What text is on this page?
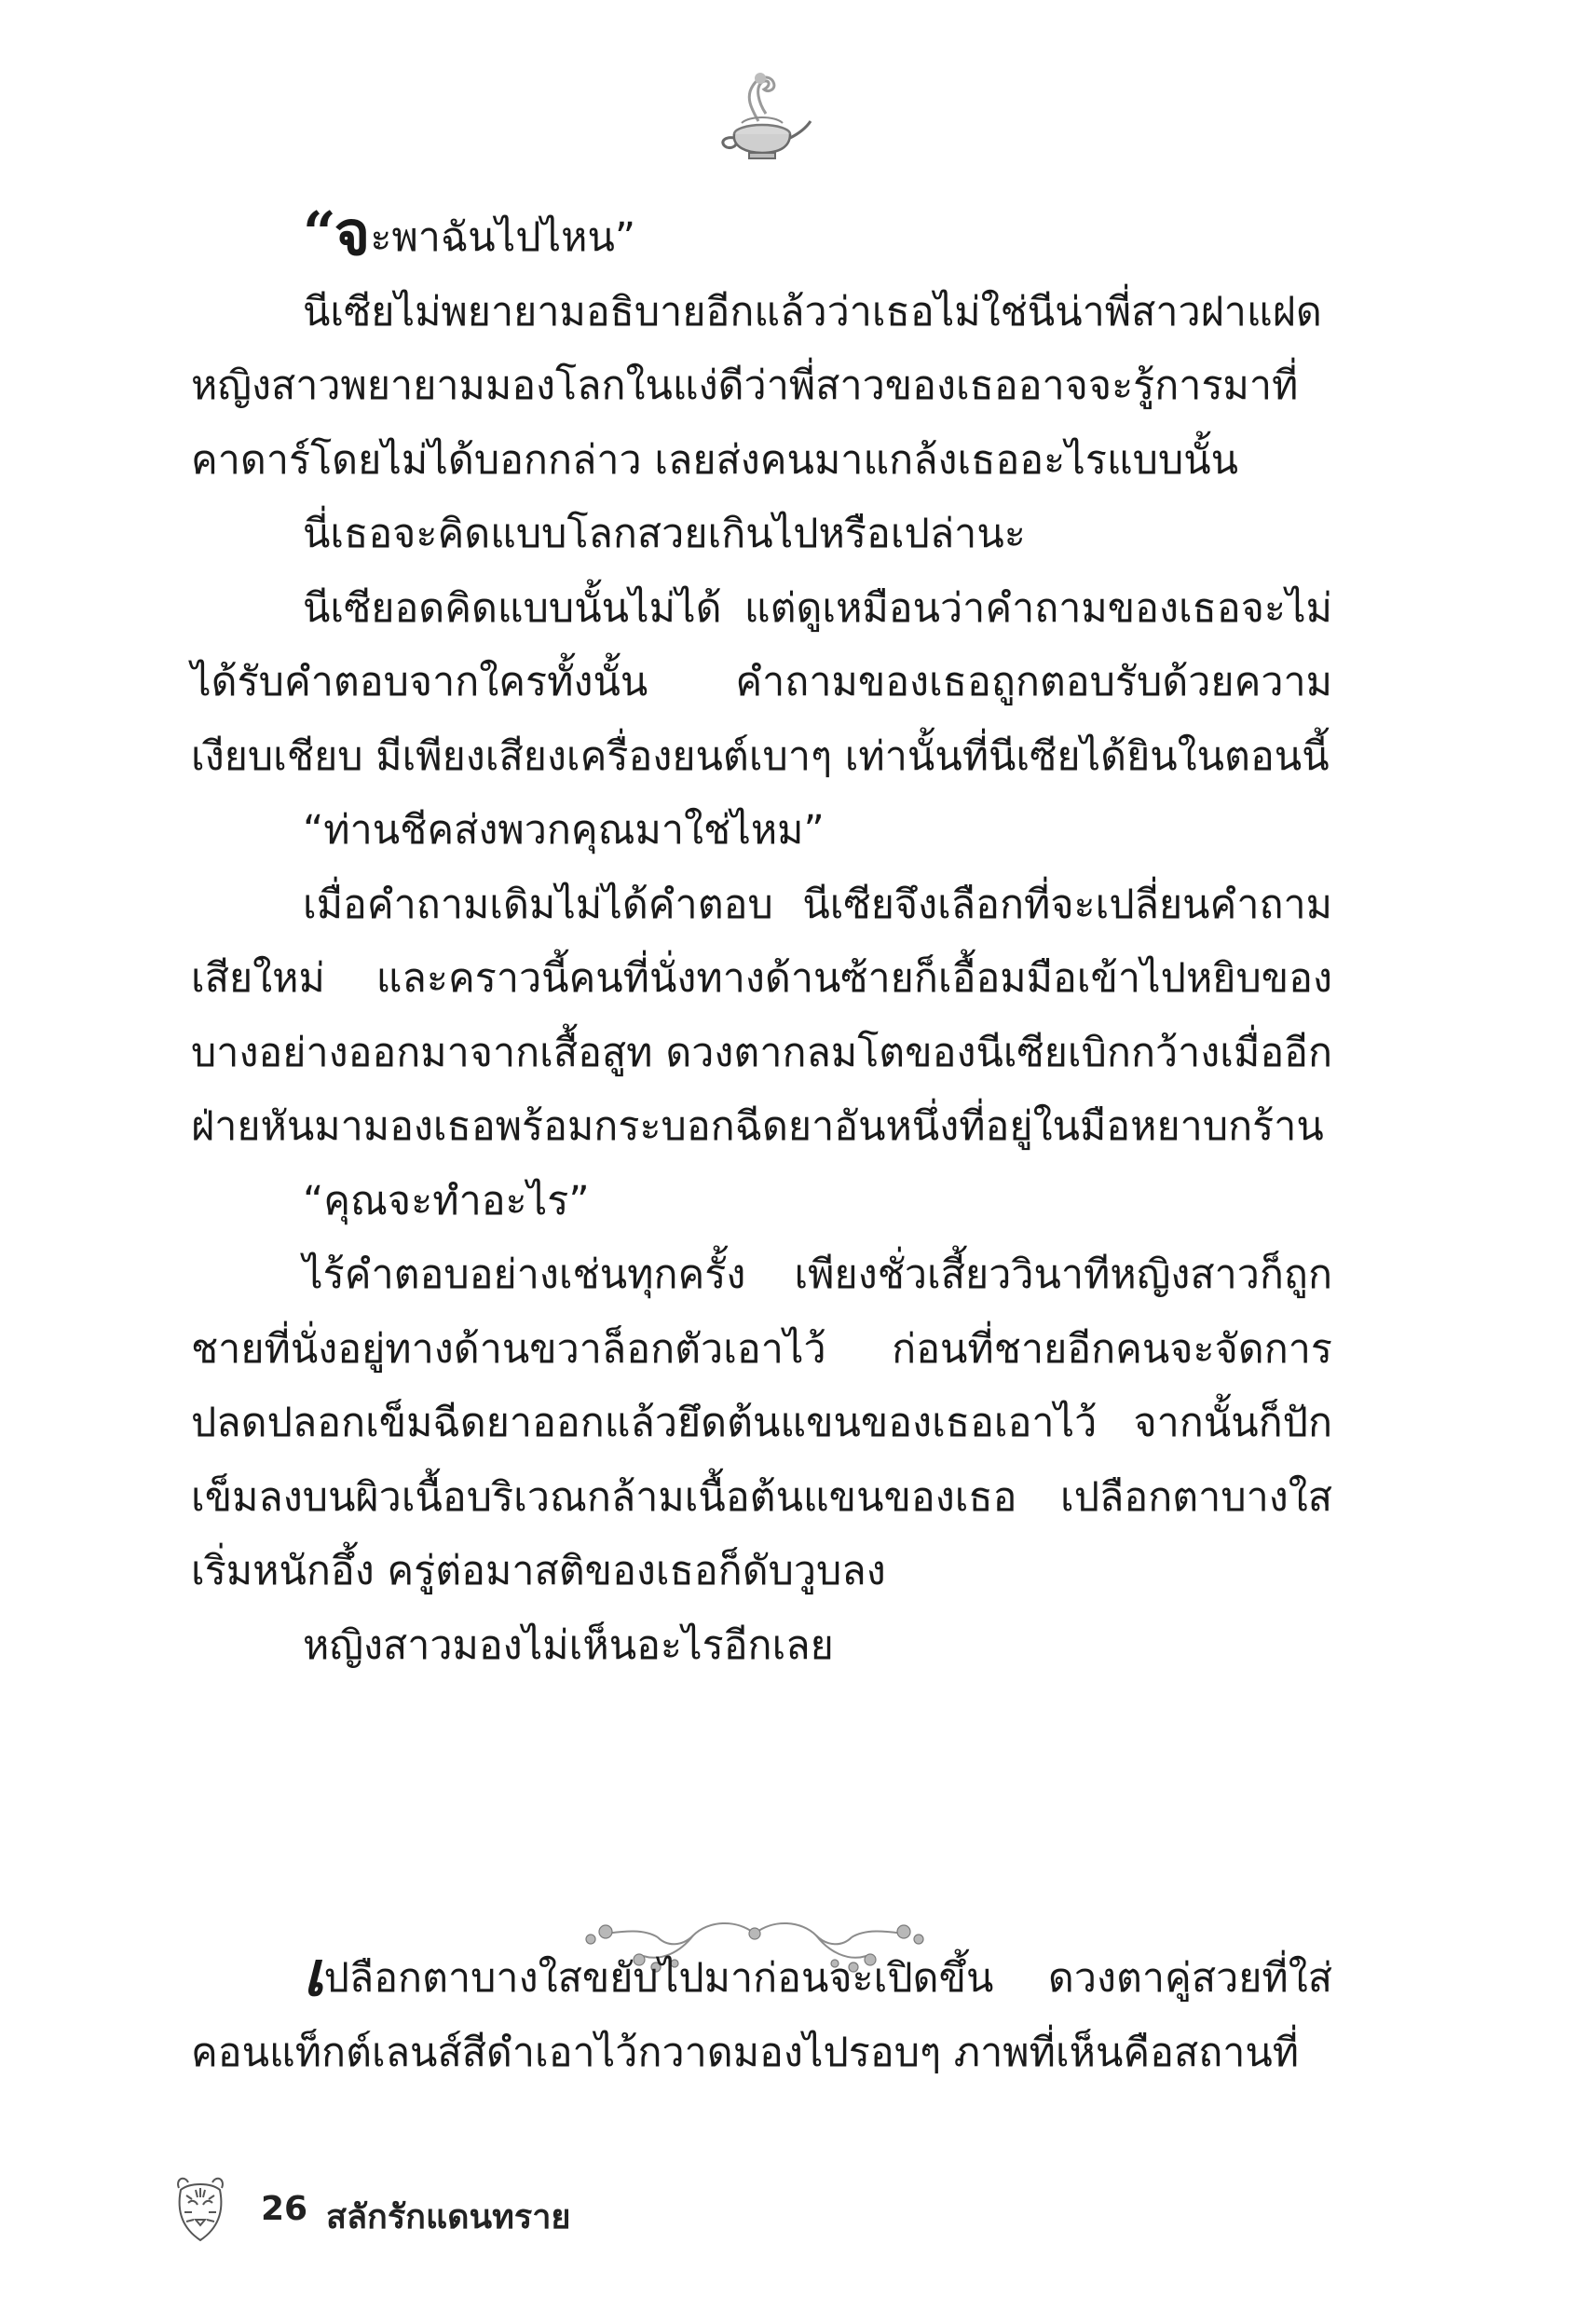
“จะพาฉันไปไหน”

นีเซียไม่พยายามอธิบายอีกแล้วว่าเธอไม่ใช่นีน่าพี่สาวฝาแฝด หญิงสาวพยายามมองโลกในแง่ดีว่าพี่สาวของเธออาจจะรู้การมาที่คาดาร์โดยไม่ได้บอกกล่าว เลยส่งคนมาแกล้งเธออะไรแบบนั้น

นี่เธอจะคิดแบบโลกสวยเกินไปหรือเปล่านะ

นีเซียอดคิดแบบนั้นไม่ได้ แต่ดูเหมือนว่าคำถามของเธอจะไม่ได้รับคำตอบจากใครทั้งนั้น คำถามของเธอถูกตอบรับด้วยความเงียบเชียบ มีเพียงเสียงเครื่องยนต์เบาๆ เท่านั้นที่นีเซียได้ยินในตอนนี้

“ท่านชีคส่งพวกคุณมาใช่ไหม”

เมื่อคำถามเดิมไม่ได้คำตอบ นีเซียจึงเลือกที่จะเปลี่ยนคำถามเสียใหม่ และคราวนี้คนที่นั่งทางด้านซ้ายก็เอื้อมมือเข้าไปหยิบของบางอย่างออกมาจากเสื้อสูท ดวงตากลมโตของนีเซียเบิกกว้างเมื่ออีกฝ่ายหันมามองเธอพร้อมกระบอกฉีดยาอันหนึ่งที่อยู่ในมือหยาบกร้าน

“คุณจะทำอะไร”

ไร้คำตอบอย่างเช่นทุกครั้ง เพียงชั่วเสี้ยววินาทีหญิงสาวก็ถูกชายที่นั่งอยู่ทางด้านขวาล็อกตัวเอาไว้ ก่อนที่ชายอีกคนจะจัดการปลดปลอกเข็มฉีดยาออกแล้วยึดต้นแขนของเธอเอาไว้ จากนั้นก็ปักเข็มลงบนผิวเนื้อบริเวณกล้ามเนื้อต้นแขนของเธอ เปลือกตาบางใสเริ่มหนักอึ้ง ครู่ต่อมาสติของเธอก็ดับวูบลง

หญิงสาวมองไม่เห็นอะไรอีกเลย

เปลือกตาบางใสขยับไปมาก่อนจะเปิดขึ้น ดวงตาคู่สวยที่ใส่คอนแท็กต์เลนส์สีดำเอาไว้กวาดมองไปรอบๆ ภาพที่เห็นคือสถานที่

26 สลักรักแดนทราย
